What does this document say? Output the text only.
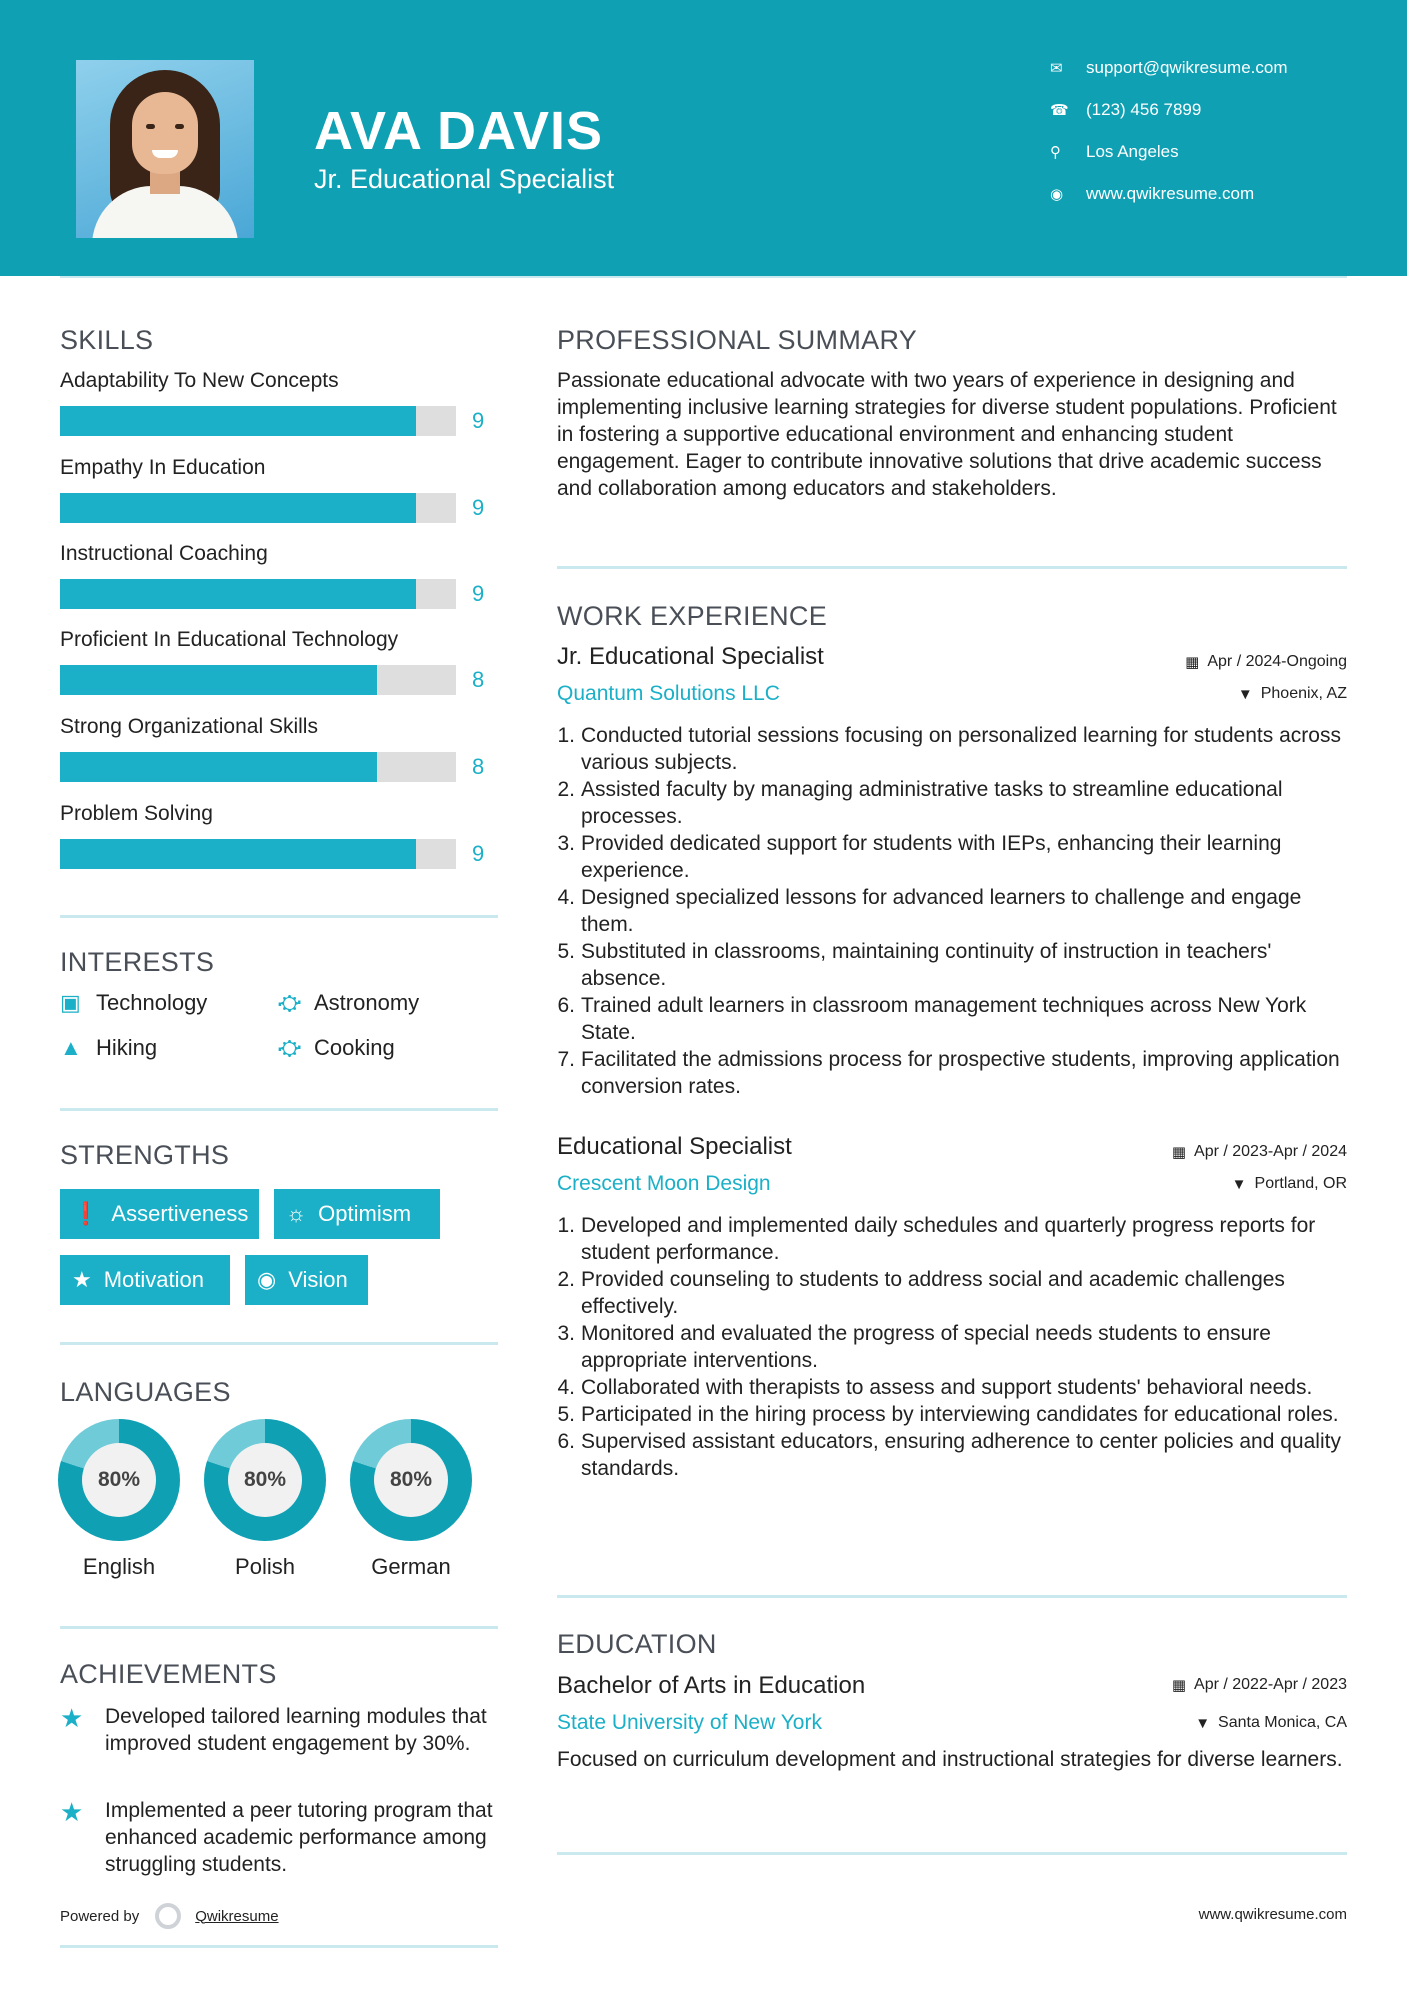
AVA DAVIS
Jr. Educational Specialist
✉	support@qwikresume.com
☎	(123) 456 7899
⚲	Los Angeles
◉	www.qwikresume.com
SKILLS
Adaptability To New Concepts
9
Empathy In Education
9
Instructional Coaching
9
Proficient In Educational Technology
8
Strong Organizational Skills
8
Problem Solving
9
INTERESTS
▣ Technology	⛮ Astronomy
▲ Hiking	⛮ Cooking
STRENGTHS
❗ Assertiveness ☼ Optimism
★ Motivation ◉ Vision
LANGUAGES
80%	80%	80%
English	Polish	German
ACHIEVEMENTS
★	Developed tailored learning modules that improved student engagement by 30%.
★	Implemented a peer tutoring program that enhanced academic performance among struggling students.
PROFESSIONAL SUMMARY
Passionate educational advocate with two years of experience in designing and implementing inclusive learning strategies for diverse student populations. Proficient in fostering a supportive educational environment and enhancing student engagement. Eager to contribute innovative solutions that drive academic success and collaboration among educators and stakeholders.
WORK EXPERIENCE
Jr. Educational Specialist	▦ Apr / 2024-Ongoing
Quantum Solutions LLC	▼ Phoenix, AZ
1. Conducted tutorial sessions focusing on personalized learning for students across various subjects.
2. Assisted faculty by managing administrative tasks to streamline educational processes.
3. Provided dedicated support for students with IEPs, enhancing their learning experience.
4. Designed specialized lessons for advanced learners to challenge and engage them.
5. Substituted in classrooms, maintaining continuity of instruction in teachers' absence.
6. Trained adult learners in classroom management techniques across New York State.
7. Facilitated the admissions process for prospective students, improving application conversion rates.
Educational Specialist	▦ Apr / 2023-Apr / 2024
Crescent Moon Design	▼ Portland, OR
1. Developed and implemented daily schedules and quarterly progress reports for student performance.
2. Provided counseling to students to address social and academic challenges effectively.
3. Monitored and evaluated the progress of special needs students to ensure appropriate interventions.
4. Collaborated with therapists to assess and support students' behavioral needs.
5. Participated in the hiring process by interviewing candidates for educational roles.
6. Supervised assistant educators, ensuring adherence to center policies and quality standards.
EDUCATION
Bachelor of Arts in Education	▦ Apr / 2022-Apr / 2023
State University of New York	▼ Santa Monica, CA
Focused on curriculum development and instructional strategies for diverse learners.
Powered by	Qwikresume	www.qwikresume.com
